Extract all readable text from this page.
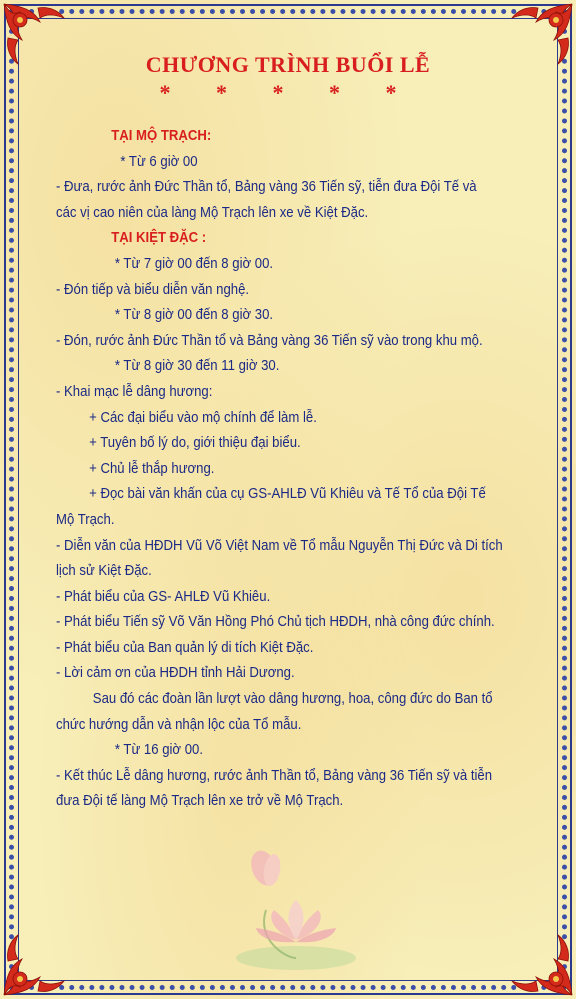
CHƯƠNG TRÌNH BUỔI LỄ
* * * * *
TẠI MỘ TRẠCH:
* Từ 6 giờ 00
- Đưa, rước ảnh Đức Thần tổ, Bảng vàng 36 Tiến sỹ, tiễn đưa Đội Tế và
các vị cao niên của làng Mộ Trạch lên xe về Kiệt Đặc.
TẠI KIỆT ĐẶC :
* Từ 7 giờ 00 đến 8 giờ 00.
- Đón tiếp và biểu diễn văn nghệ.
* Từ 8 giờ 00 đến 8 giờ 30.
- Đón, rước ảnh Đức Thần tổ và Bảng vàng 36 Tiến sỹ vào trong khu mộ.
* Từ 8 giờ 30 đến 11 giờ 30.
- Khai mạc lễ dâng hương:
+ Các đại biểu vào mộ chính để làm lễ.
+ Tuyên bố lý do, giới thiệu đại biểu.
+ Chủ lễ thắp hương.
+ Đọc bài văn khấn của cụ GS-AHLĐ Vũ Khiêu và Tế Tổ của Đội Tế
Mộ Trạch.
- Diễn văn của HĐDH Vũ Võ Việt Nam về Tổ mẫu Nguyễn Thị Đức và Di tích
lịch sử Kiệt Đặc.
- Phát biểu của GS- AHLĐ Vũ Khiêu.
- Phát biểu Tiến sỹ Võ Văn Hồng Phó Chủ tịch HĐDH, nhà công đức chính.
- Phát biểu của Ban quản lý di tích Kiệt Đặc.
- Lời cảm ơn của HĐDH tỉnh Hải Dương.
Sau đó các đoàn lần lượt vào dâng hương, hoa, công đức do Ban tổ
chức hướng dẫn và nhận lộc của Tổ mẫu.
* Từ 16 giờ 00.
- Kết thúc Lễ dâng hương, rước ảnh Thần tổ, Bảng vàng 36 Tiến sỹ và tiễn
đưa Đội tế làng Mộ Trạch lên xe trở về Mộ Trạch.
